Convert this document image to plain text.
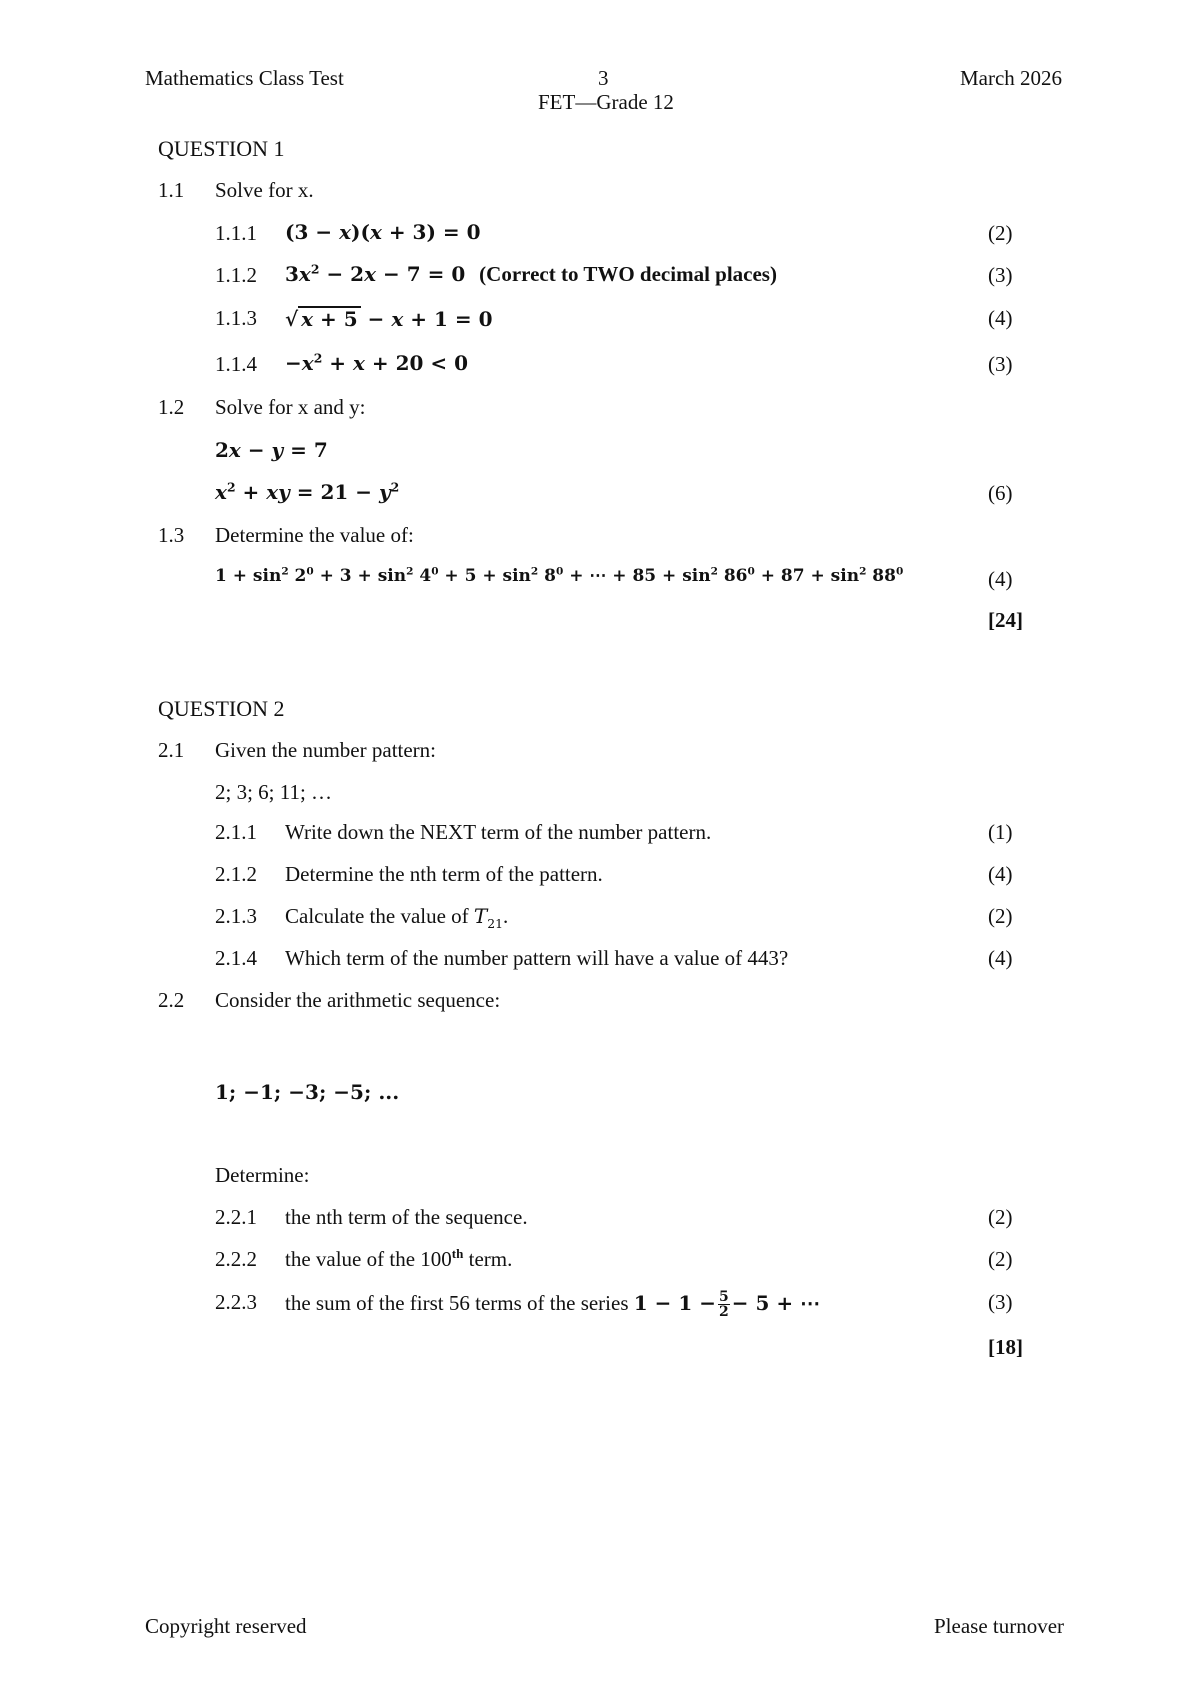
Mathematics Class Test	3
FET—Grade 12
March 2026
QUESTION 1
1.1 Solve for x.
1.1.1 (3 − x)(x + 3) = 0	(2)
1.1.2 $3x^2 - 2x - 7 = 0$  (Correct to TWO decimal places)	(3)
1.1.3 √ x + 5 − x + 1 = 0	(4)
$1.1.4 -x^2 + x + 20 < 0$	(3)
1.2 Solve for x and y:
2x − y = 7
$x^2$ + xy = $21 - y^2$	(6)
1.3 Determine the value of:
$1 + \sin^2 2^0 + 3 + \sin^2 4^0 + 5 + \sin^2 8^0$ + ⋯ + $85 + \sin^2 86^0 + 87 + \sin^2 88^0$	(4)
[24]
QUESTION 2
2.1 Given the number pattern:
2; 3; 6; 11; …
2.1.1 Write down the NEXT term of the number pattern.	(1)
2.1.2 Determine the nth term of the pattern.	(4)
2.1.3 Calculate the value of $T_{21}$.	(2)
2.1.4 Which term of the number pattern will have a value of 443?	(4)
2.2 Consider the arithmetic sequence:
1; −1; −3; −5; ...
Determine:
2.2.1 the nth term of the sequence.	(2)
2.2.2 the value of the 100th term.	(2)
2.2.3 the sum of the first 56 terms of the series $1 - 1 - \frac{5}{2} - 5$ + ⋯	(3)
[18]
Copyright reserved	Please turnover
